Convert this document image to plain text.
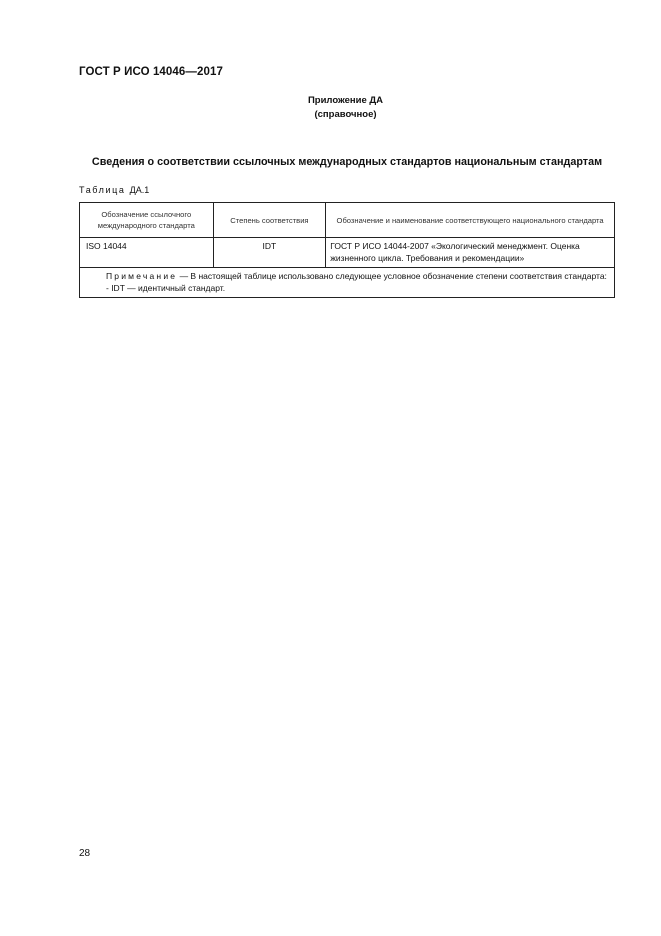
ГОСТ Р ИСО 14046—2017
Приложение ДА
(справочное)
Сведения о соответствии ссылочных международных стандартов национальным стандартам
Таблица ДА.1
Обозначение ссылочного международного стандарта	Степень соответствия	Обозначение и наименование соответствующего национального стандарта
ISO 14044	IDT	ГОСТ Р ИСО 14044-2007 «Экологический менеджмент. Оценка жизненного цикла. Требования и рекомендации»

Примечание — В настоящей таблице использовано следующее условное обозначение степени соответствия стандарта:
- IDT — идентичный стандарт.		
28
